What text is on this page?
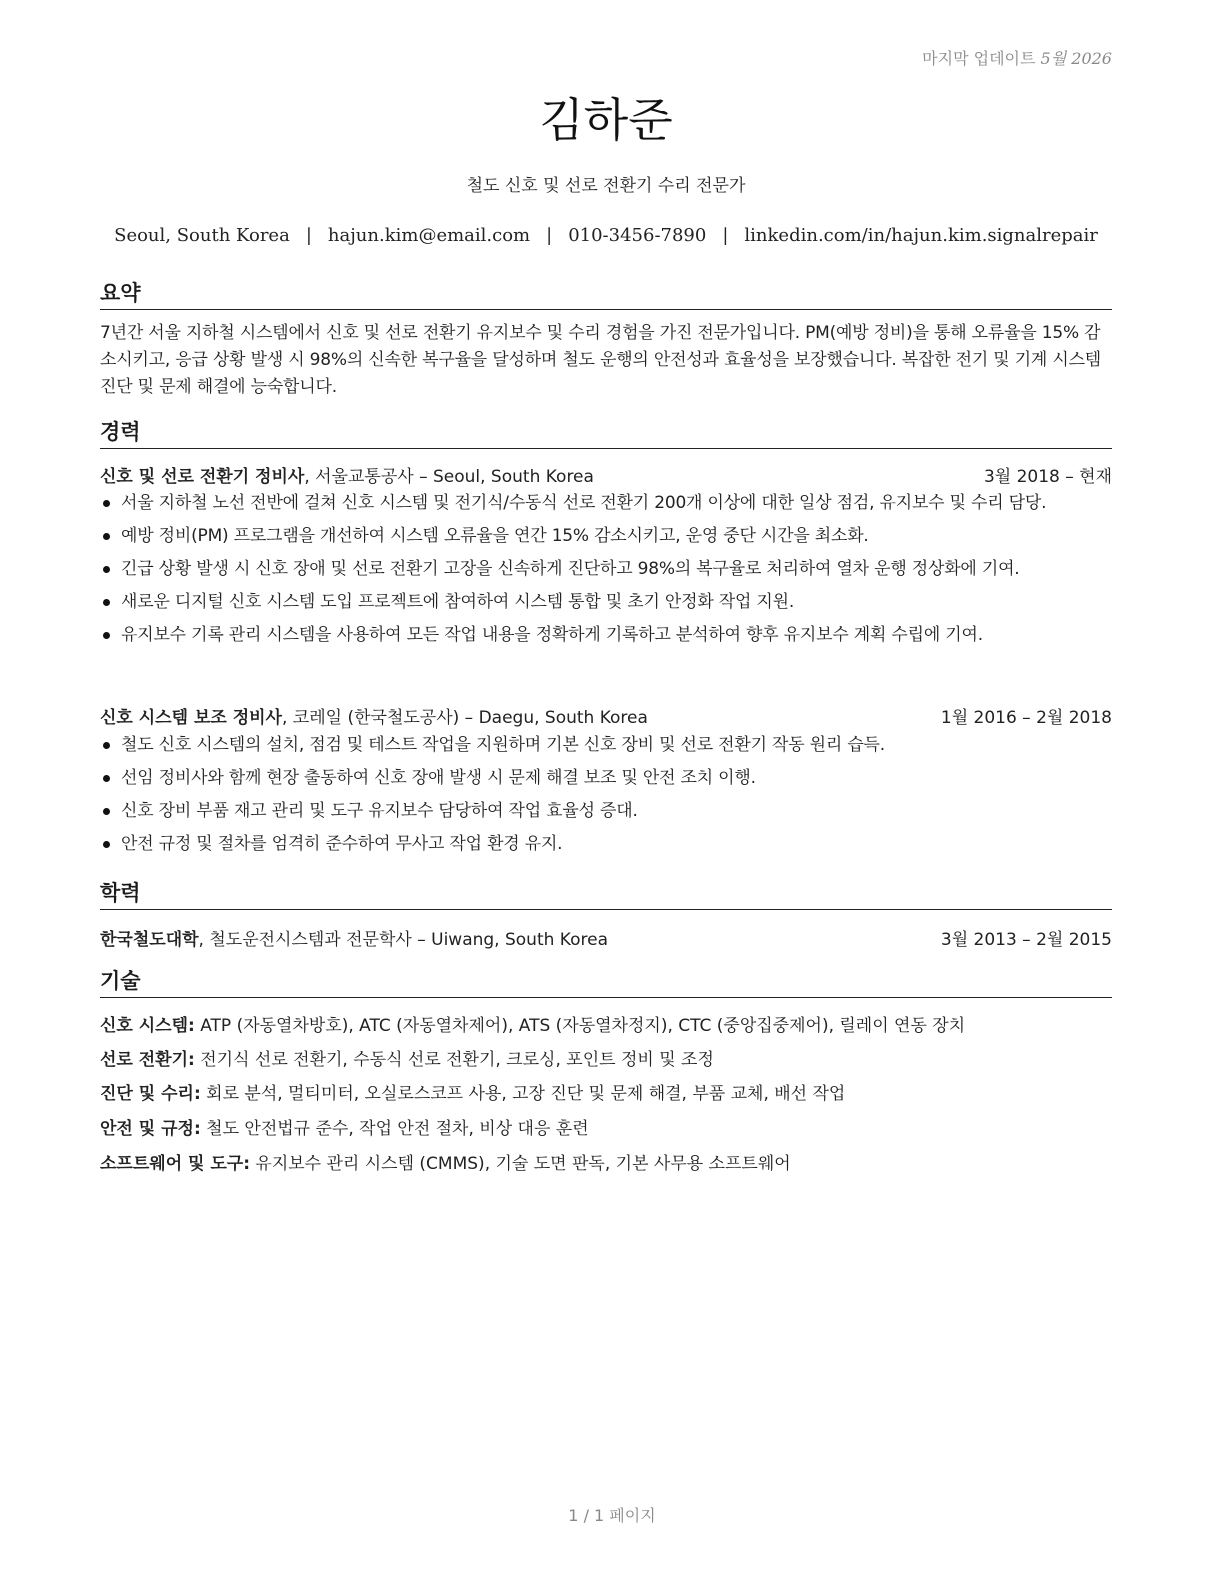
마지막 업데이트 5월 2026
김하준
철도 신호 및 선로 전환기 수리 전문가
Seoul, South Korea | hajun.kim@email.com | 010-3456-7890 | linkedin.com/in/hajun.kim.signalrepair
요약
7년간 서울 지하철 시스템에서 신호 및 선로 전환기 유지보수 및 수리 경험을 가진 전문가입니다. PM(예방 정비)을 통해 오류율을 15% 감소시키고, 응급 상황 발생 시 98%의 신속한 복구율을 달성하며 철도 운행의 안전성과 효율성을 보장했습니다. 복잡한 전기 및 기계 시스템 진단 및 문제 해결에 능숙합니다.
경력
신호 및 선로 전환기 정비사, 서울교통공사 – Seoul, South Korea	3월 2018 – 현재
서울 지하철 노선 전반에 걸쳐 신호 시스템 및 전기식/수동식 선로 전환기 200개 이상에 대한 일상 점검, 유지보수 및 수리 담당.
예방 정비(PM) 프로그램을 개선하여 시스템 오류율을 연간 15% 감소시키고, 운영 중단 시간을 최소화.
긴급 상황 발생 시 신호 장애 및 선로 전환기 고장을 신속하게 진단하고 98%의 복구율로 처리하여 열차 운행 정상화에 기여.
새로운 디지털 신호 시스템 도입 프로젝트에 참여하여 시스템 통합 및 초기 안정화 작업 지원.
유지보수 기록 관리 시스템을 사용하여 모든 작업 내용을 정확하게 기록하고 분석하여 향후 유지보수 계획 수립에 기여.
신호 시스템 보조 정비사, 코레일 (한국철도공사) – Daegu, South Korea	1월 2016 – 2월 2018
철도 신호 시스템의 설치, 점검 및 테스트 작업을 지원하며 기본 신호 장비 및 선로 전환기 작동 원리 습득.
선임 정비사와 함께 현장 출동하여 신호 장애 발생 시 문제 해결 보조 및 안전 조치 이행.
신호 장비 부품 재고 관리 및 도구 유지보수 담당하여 작업 효율성 증대.
안전 규정 및 절차를 엄격히 준수하여 무사고 작업 환경 유지.
학력
한국철도대학, 철도운전시스템과 전문학사 – Uiwang, South Korea	3월 2013 – 2월 2015
기술
신호 시스템: ATP (자동열차방호), ATC (자동열차제어), ATS (자동열차정지), CTC (중앙집중제어), 릴레이 연동 장치
선로 전환기: 전기식 선로 전환기, 수동식 선로 전환기, 크로싱, 포인트 정비 및 조정
진단 및 수리: 회로 분석, 멀티미터, 오실로스코프 사용, 고장 진단 및 문제 해결, 부품 교체, 배선 작업
안전 및 규정: 철도 안전법규 준수, 작업 안전 절차, 비상 대응 훈련
소프트웨어 및 도구: 유지보수 관리 시스템 (CMMS), 기술 도면 판독, 기본 사무용 소프트웨어
1 / 1 페이지
